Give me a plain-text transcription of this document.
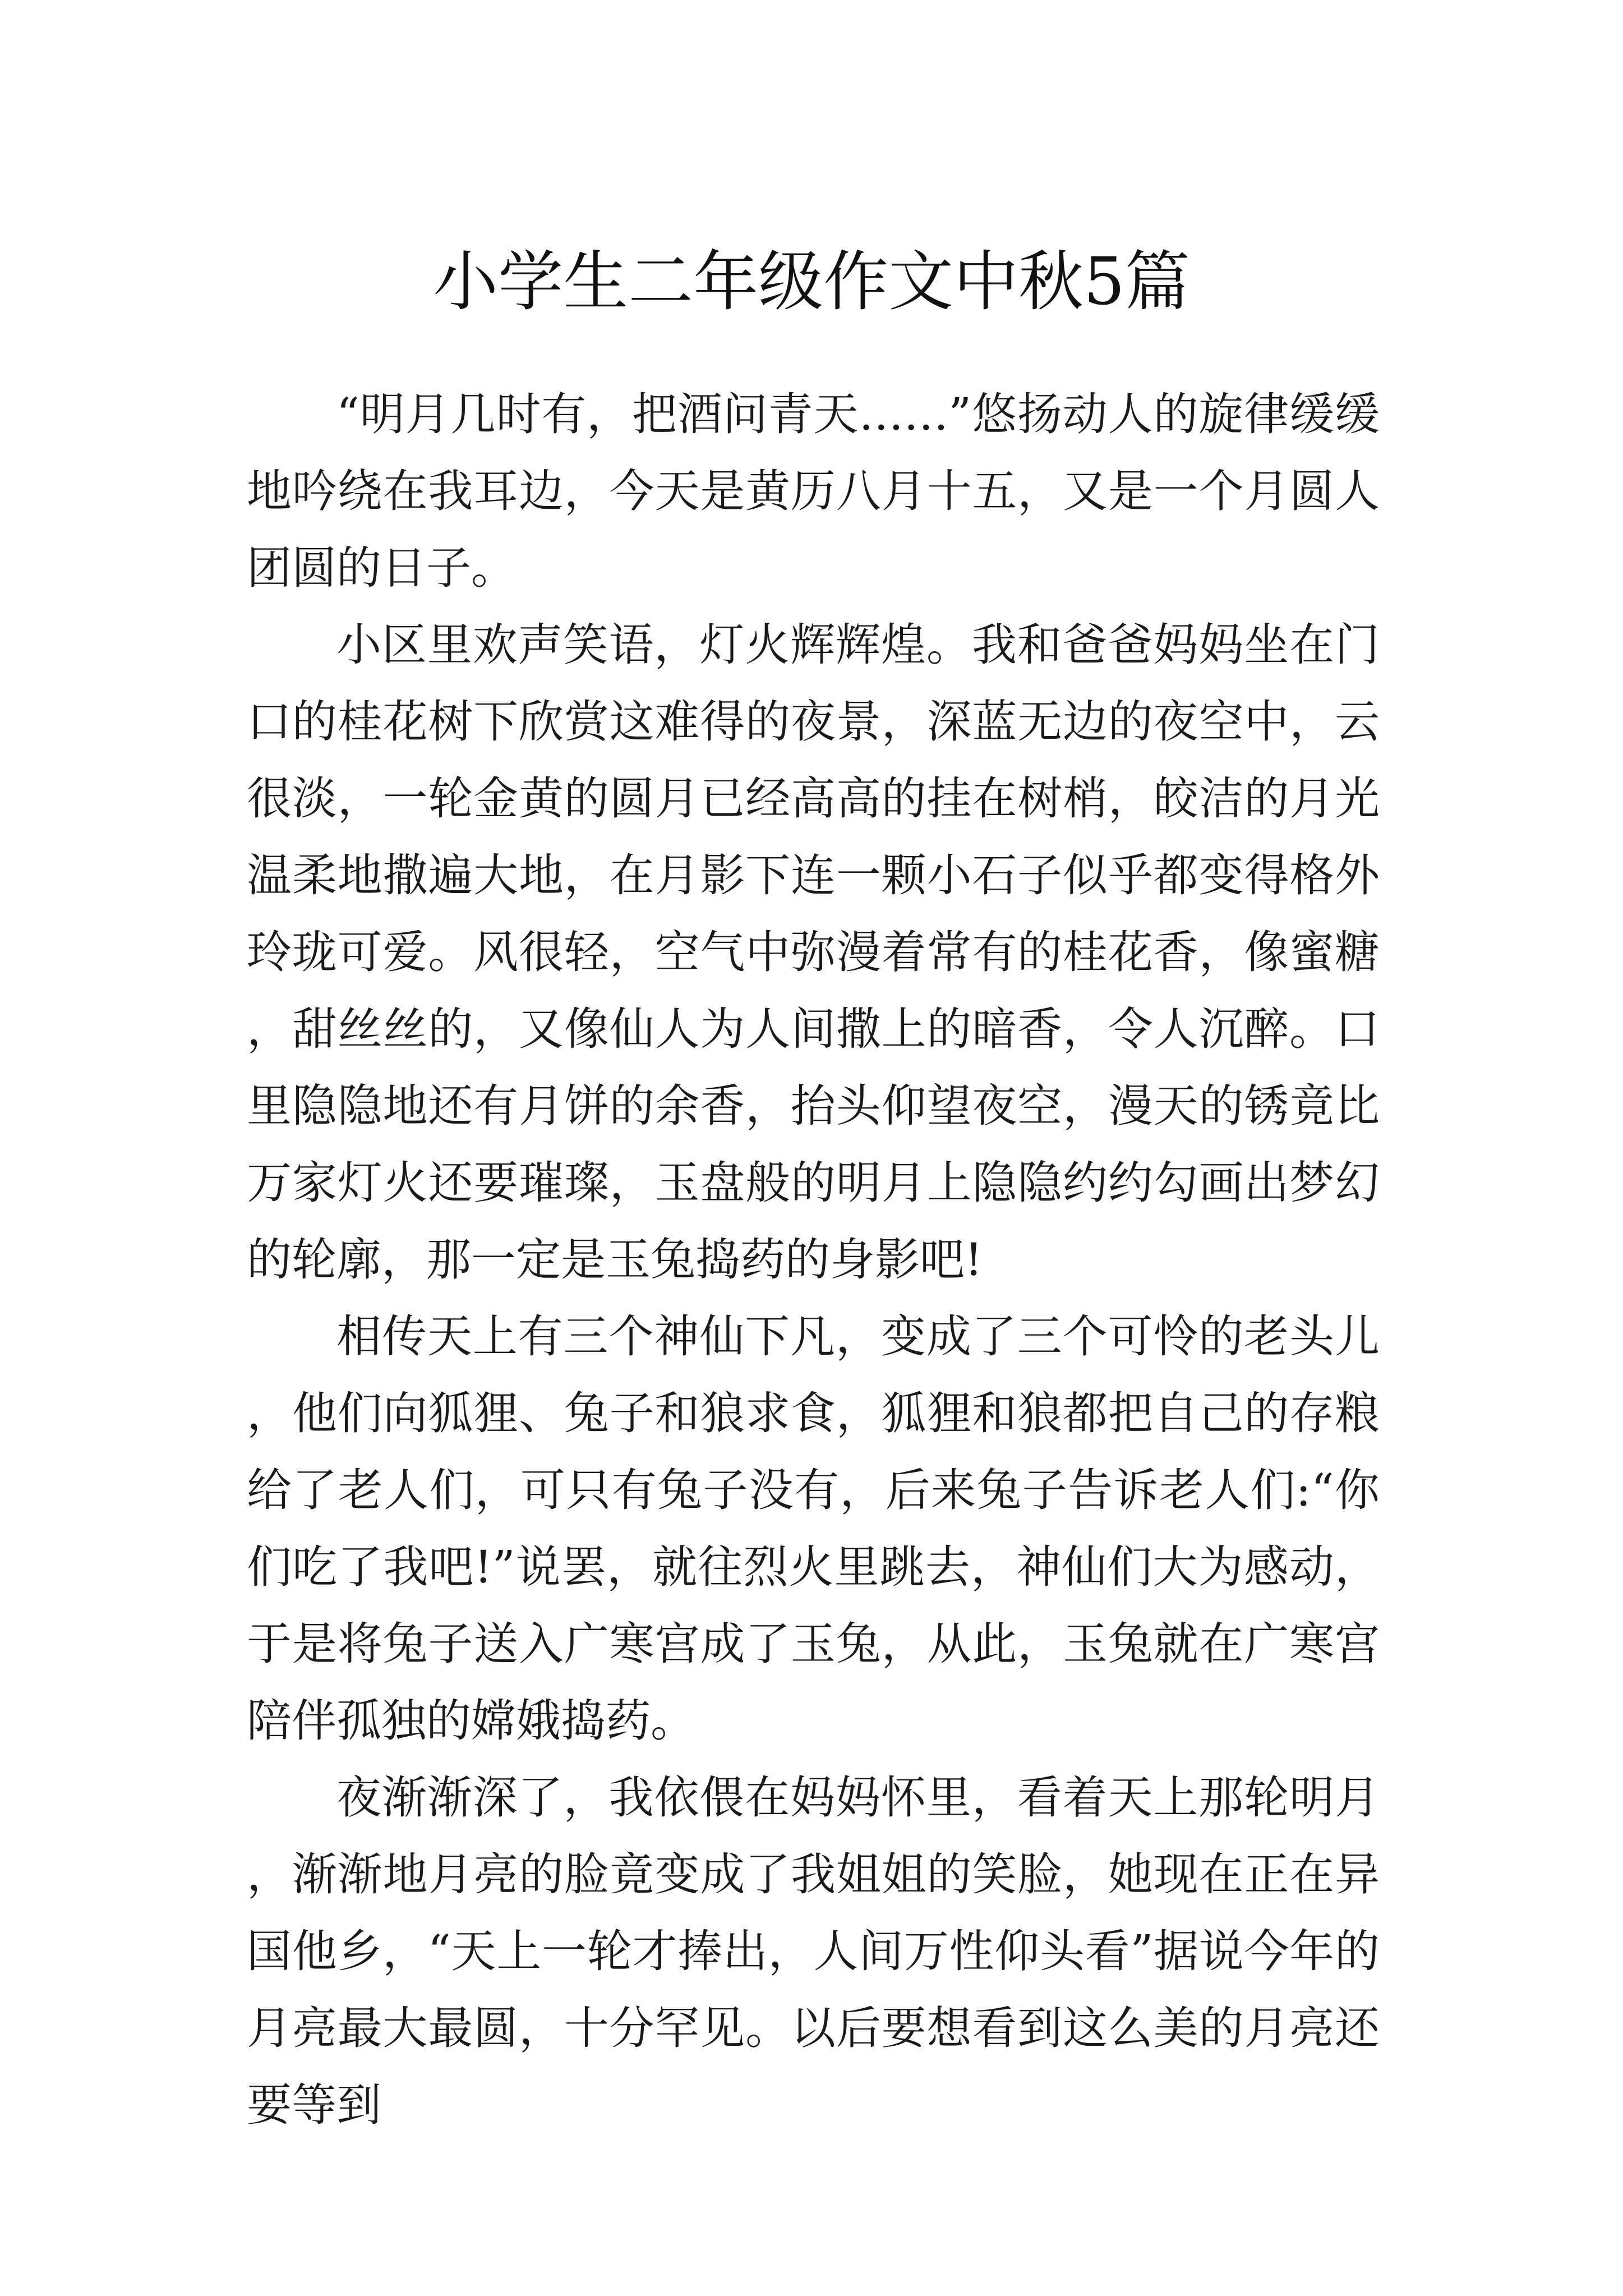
小学生二年级作文中秋5篇

“明月几时有，把酒问青天……”悠扬动人的旋律缓缓地吟绕在我耳边，今天是黄历八月十五，又是一个月圆人团圆的日子。

小区里欢声笑语，灯火辉辉煌。我和爸爸妈妈坐在门口的桂花树下欣赏这难得的夜景，深蓝无边的夜空中，云很淡，一轮金黄的圆月已经高高的挂在树梢，皎洁的月光温柔地撒遍大地，在月影下连一颗小石子似乎都变得格外玲珑可爱。风很轻，空气中弥漫着常有的桂花香，像蜜糖，甜丝丝的，又像仙人为人间撒上的暗香，令人沉醉。口里隐隐地还有月饼的余香，抬头仰望夜空，漫天的锈竟比万家灯火还要璀璨，玉盘般的明月上隐隐约约勾画出梦幻的轮廓，那一定是玉兔捣药的身影吧!

相传天上有三个神仙下凡，变成了三个可怜的老头儿，他们向狐狸、兔子和狼求食，狐狸和狼都把自己的存粮给了老人们，可只有兔子没有，后来兔子告诉老人们:“你们吃了我吧!”说罢，就往烈火里跳去，神仙们大为感动，于是将兔子送入广寒宫成了玉兔，从此，玉兔就在广寒宫陪伴孤独的嫦娥捣药。

夜渐渐深了，我依偎在妈妈怀里，看着天上那轮明月，渐渐地月亮的脸竟变成了我姐姐的笑脸，她现在正在异国他乡，“天上一轮才捧出，人间万性仰头看”据说今年的月亮最大最圆，十分罕见。以后要想看到这么美的月亮还要等到
